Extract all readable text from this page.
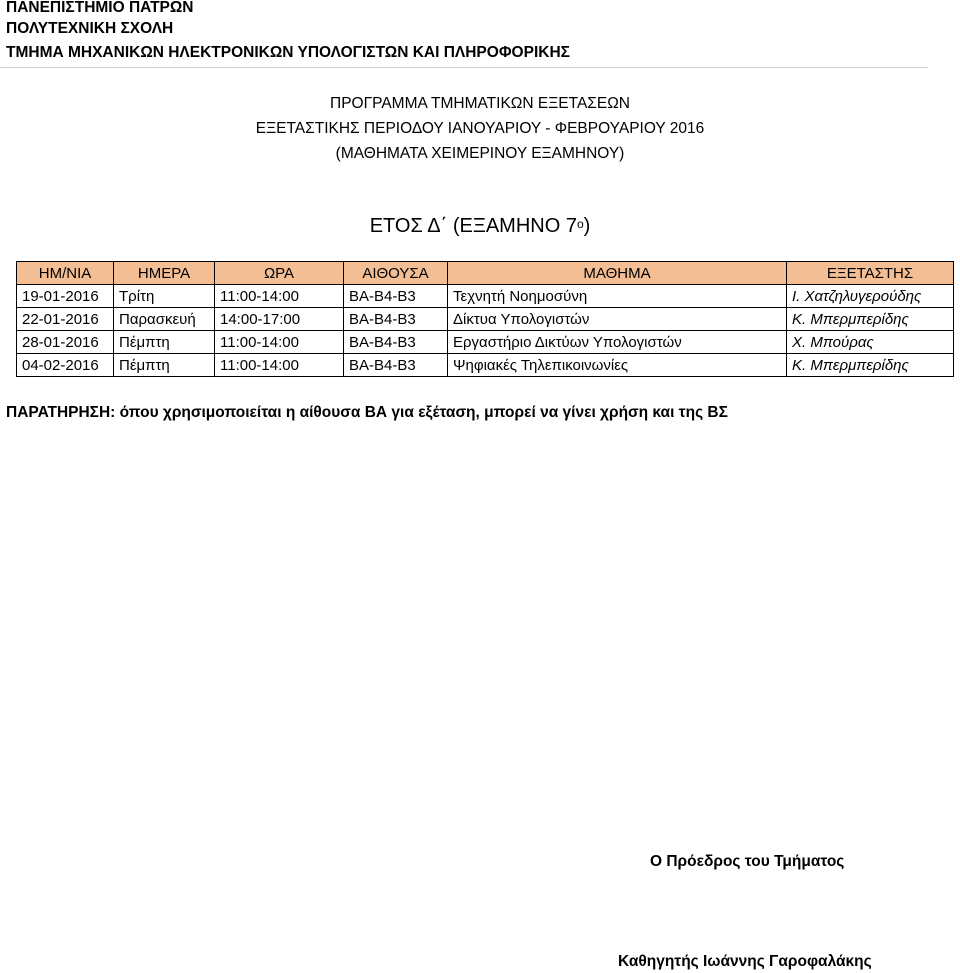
ΠΑΝΕΠΙΣΤΗΜΙΟ ΠΑΤΡΩΝ
ΠΟΛΥΤΕΧΝΙΚΗ ΣΧΟΛΗ
ΤΜΗΜΑ ΜΗΧΑΝΙΚΩΝ ΗΛΕΚΤΡΟΝΙΚΩΝ ΥΠΟΛΟΓΙΣΤΩΝ ΚΑΙ ΠΛΗΡΟΦΟΡΙΚΗΣ
ΠΡΟΓΡΑΜΜΑ ΤΜΗΜΑΤΙΚΩΝ ΕΞΕΤΑΣΕΩΝ
ΕΞΕΤΑΣΤΙΚΗΣ ΠΕΡΙΟΔΟΥ ΙΑΝΟΥΑΡΙΟΥ - ΦΕΒΡΟΥΑΡΙΟΥ 2016
(ΜΑΘΗΜΑΤΑ ΧΕΙΜΕΡΙΝΟΥ ΕΞΑΜΗΝΟΥ)
ΕΤΟΣ Δ΄ (ΕΞΑΜΗΝΟ $7^o$)
ΗΜ/ΝΙΑ	ΗΜΕΡΑ	ΩΡΑ	ΑΙΘΟΥΣΑ	ΜΑΘΗΜΑ	ΕΞΕΤΑΣΤΗΣ
19-01-2016	Τρίτη	11:00-14:00	ΒΑ-Β4-Β3	Τεχνητή Νοημοσύνη	Ι. Χατζηλυγερούδης
22-01-2016	Παρασκευή	14:00-17:00	ΒΑ-Β4-Β3	Δίκτυα Υπολογιστών	Κ. Μπερμπερίδης
28-01-2016	Πέμπτη	11:00-14:00	ΒΑ-Β4-Β3	Εργαστήριο Δικτύων Υπολογιστών	Χ. Μπούρας
04-02-2016	Πέμπτη	11:00-14:00	ΒΑ-Β4-Β3	Ψηφιακές Τηλεπικοινωνίες	Κ. Μπερμπερίδης
ΠΑΡΑΤΗΡΗΣΗ: όπου χρησιμοποιείται η αίθουσα ΒΑ για εξέταση, μπορεί να γίνει χρήση και της ΒΣ
Ο Πρόεδρος του Τμήματος
Καθηγητής Ιωάννης Γαροφαλάκης
